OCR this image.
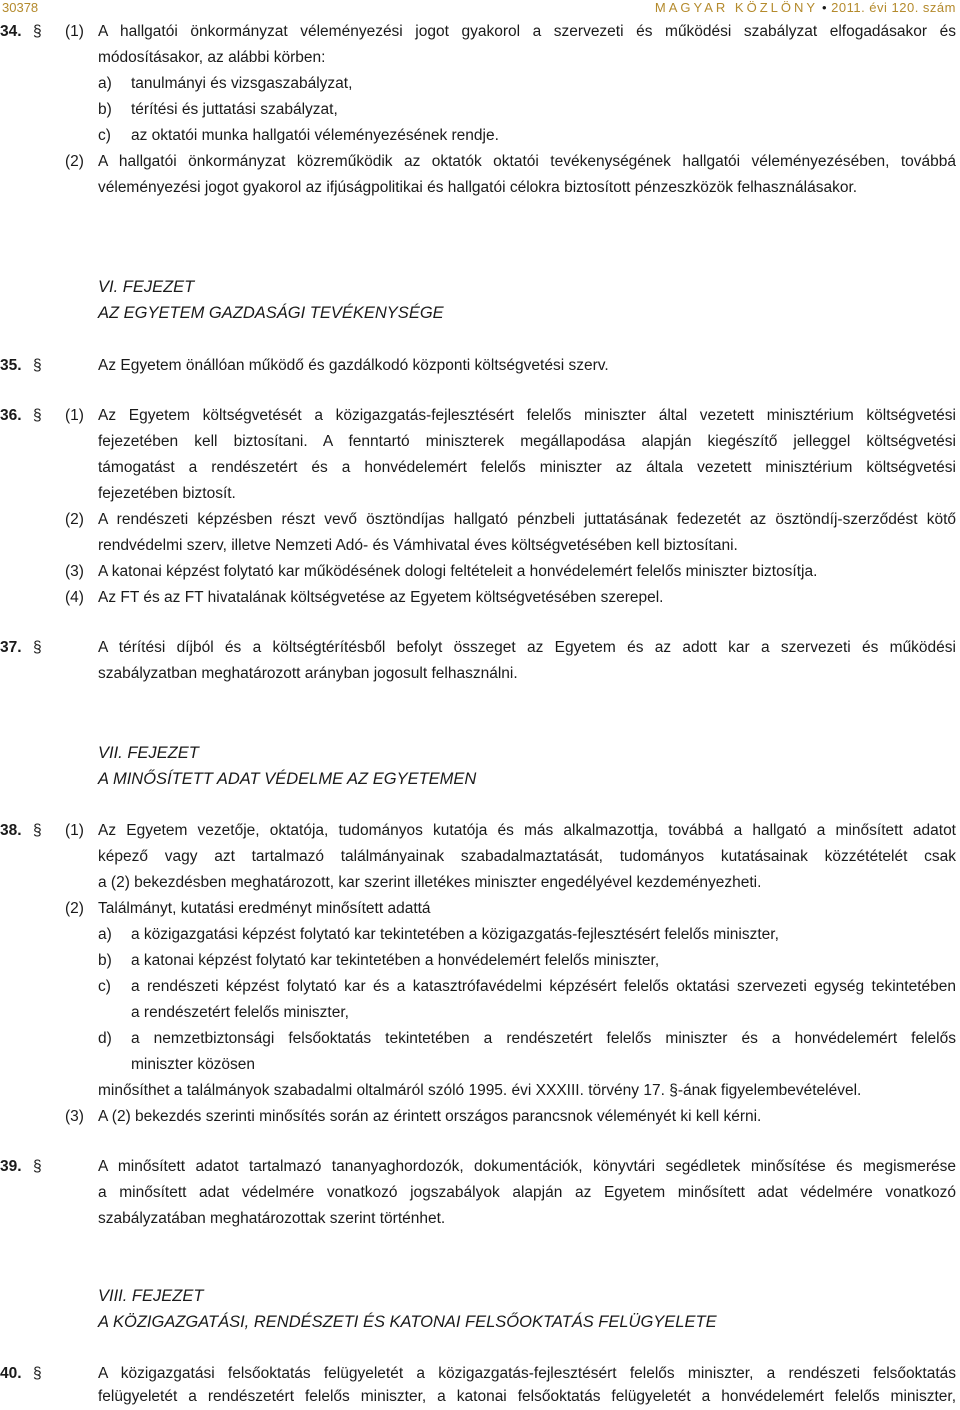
30378	MAGYAR KÖZLÖNY • 2011. évi 120. szám
34. § (1) A hallgatói önkormányzat véleményezési jogot gyakorol a szervezeti és működési szabályzat elfogadásakor és
módosításakor, az alábbi körben:
a) tanulmányi és vizsgaszabályzat,
b) térítési és juttatási szabályzat,
c) az oktatói munka hallgatói véleményezésének rendje.
(2) A hallgatói önkormányzat közreműködik az oktatók oktatói tevékenységének hallgatói véleményezésében, továbbá
véleményezési jogot gyakorol az ifjúságpolitikai és hallgatói célokra biztosított pénzeszközök felhasználásakor.
VI. FEJEZET
AZ EGYETEM GAZDASÁGI TEVÉKENYSÉGE
35. §	Az Egyetem önállóan működő és gazdálkodó központi költségvetési szerv.
36. § (1) Az Egyetem költségvetését a közigazgatás-fejlesztésért felelős miniszter által vezetett minisztérium költségvetési
fejezetében kell biztosítani. A fenntartó miniszterek megállapodása alapján kiegészítő jelleggel költségvetési
támogatást a rendészetért és a honvédelemért felelős miniszter az általa vezetett minisztérium költségvetési
fejezetében biztosít.
(2) A rendészeti képzésben részt vevő ösztöndíjas hallgató pénzbeli juttatásának fedezetét az ösztöndíj-szerződést kötő
rendvédelmi szerv, illetve Nemzeti Adó- és Vámhivatal éves költségvetésében kell biztosítani.
(3) A katonai képzést folytató kar működésének dologi feltételeit a honvédelemért felelős miniszter biztosítja.
(4) Az FT és az FT hivatalának költségvetése az Egyetem költségvetésében szerepel.
37. §	A térítési díjból és a költségtérítésből befolyt összeget az Egyetem és az adott kar a szervezeti és működési
szabályzatban meghatározott arányban jogosult felhasználni.
VII. FEJEZET
A MINŐSÍTETT ADAT VÉDELME AZ EGYETEMEN
38. § (1) Az Egyetem vezetője, oktatója, tudományos kutatója és más alkalmazottja, továbbá a hallgató a minősített adatot
képező vagy azt tartalmazó találmányainak szabadalmaztatását, tudományos kutatásainak közzétételét csak
a (2) bekezdésben meghatározott, kar szerint illetékes miniszter engedélyével kezdeményezheti.
(2) Találmányt, kutatási eredményt minősített adattá
a) a közigazgatási képzést folytató kar tekintetében a közigazgatás-fejlesztésért felelős miniszter,
b) a katonai képzést folytató kar tekintetében a honvédelemért felelős miniszter,
c) a rendészeti képzést folytató kar és a katasztrófavédelmi képzésért felelős oktatási szervezeti egység tekintetében
a rendészetért felelős miniszter,
d) a nemzetbiztonsági felsőoktatás tekintetében a rendészetért felelős miniszter és a honvédelemért felelős
miniszter közösen
minősíthet a találmányok szabadalmi oltalmáról szóló 1995. évi XXXIII. törvény 17. §-ának figyelembevételével.
(3) A (2) bekezdés szerinti minősítés során az érintett országos parancsnok véleményét ki kell kérni.
39. §	A minősített adatot tartalmazó tananyaghordozók, dokumentációk, könyvtári segédletek minősítése és megismerése
a minősített adat védelmére vonatkozó jogszabályok alapján az Egyetem minősített adat védelmére vonatkozó
szabályzatában meghatározottak szerint történhet.
VIII. FEJEZET
A KÖZIGAZGATÁSI, RENDÉSZETI ÉS KATONAI FELSŐOKTATÁS FELÜGYELETE
40. §	A közigazgatási felsőoktatás felügyeletét a közigazgatás-fejlesztésért felelős miniszter, a rendészeti felsőoktatás
felügyeletét a rendészetért felelős miniszter, a katonai felsőoktatás felügyeletét a honvédelemért felelős miniszter,
